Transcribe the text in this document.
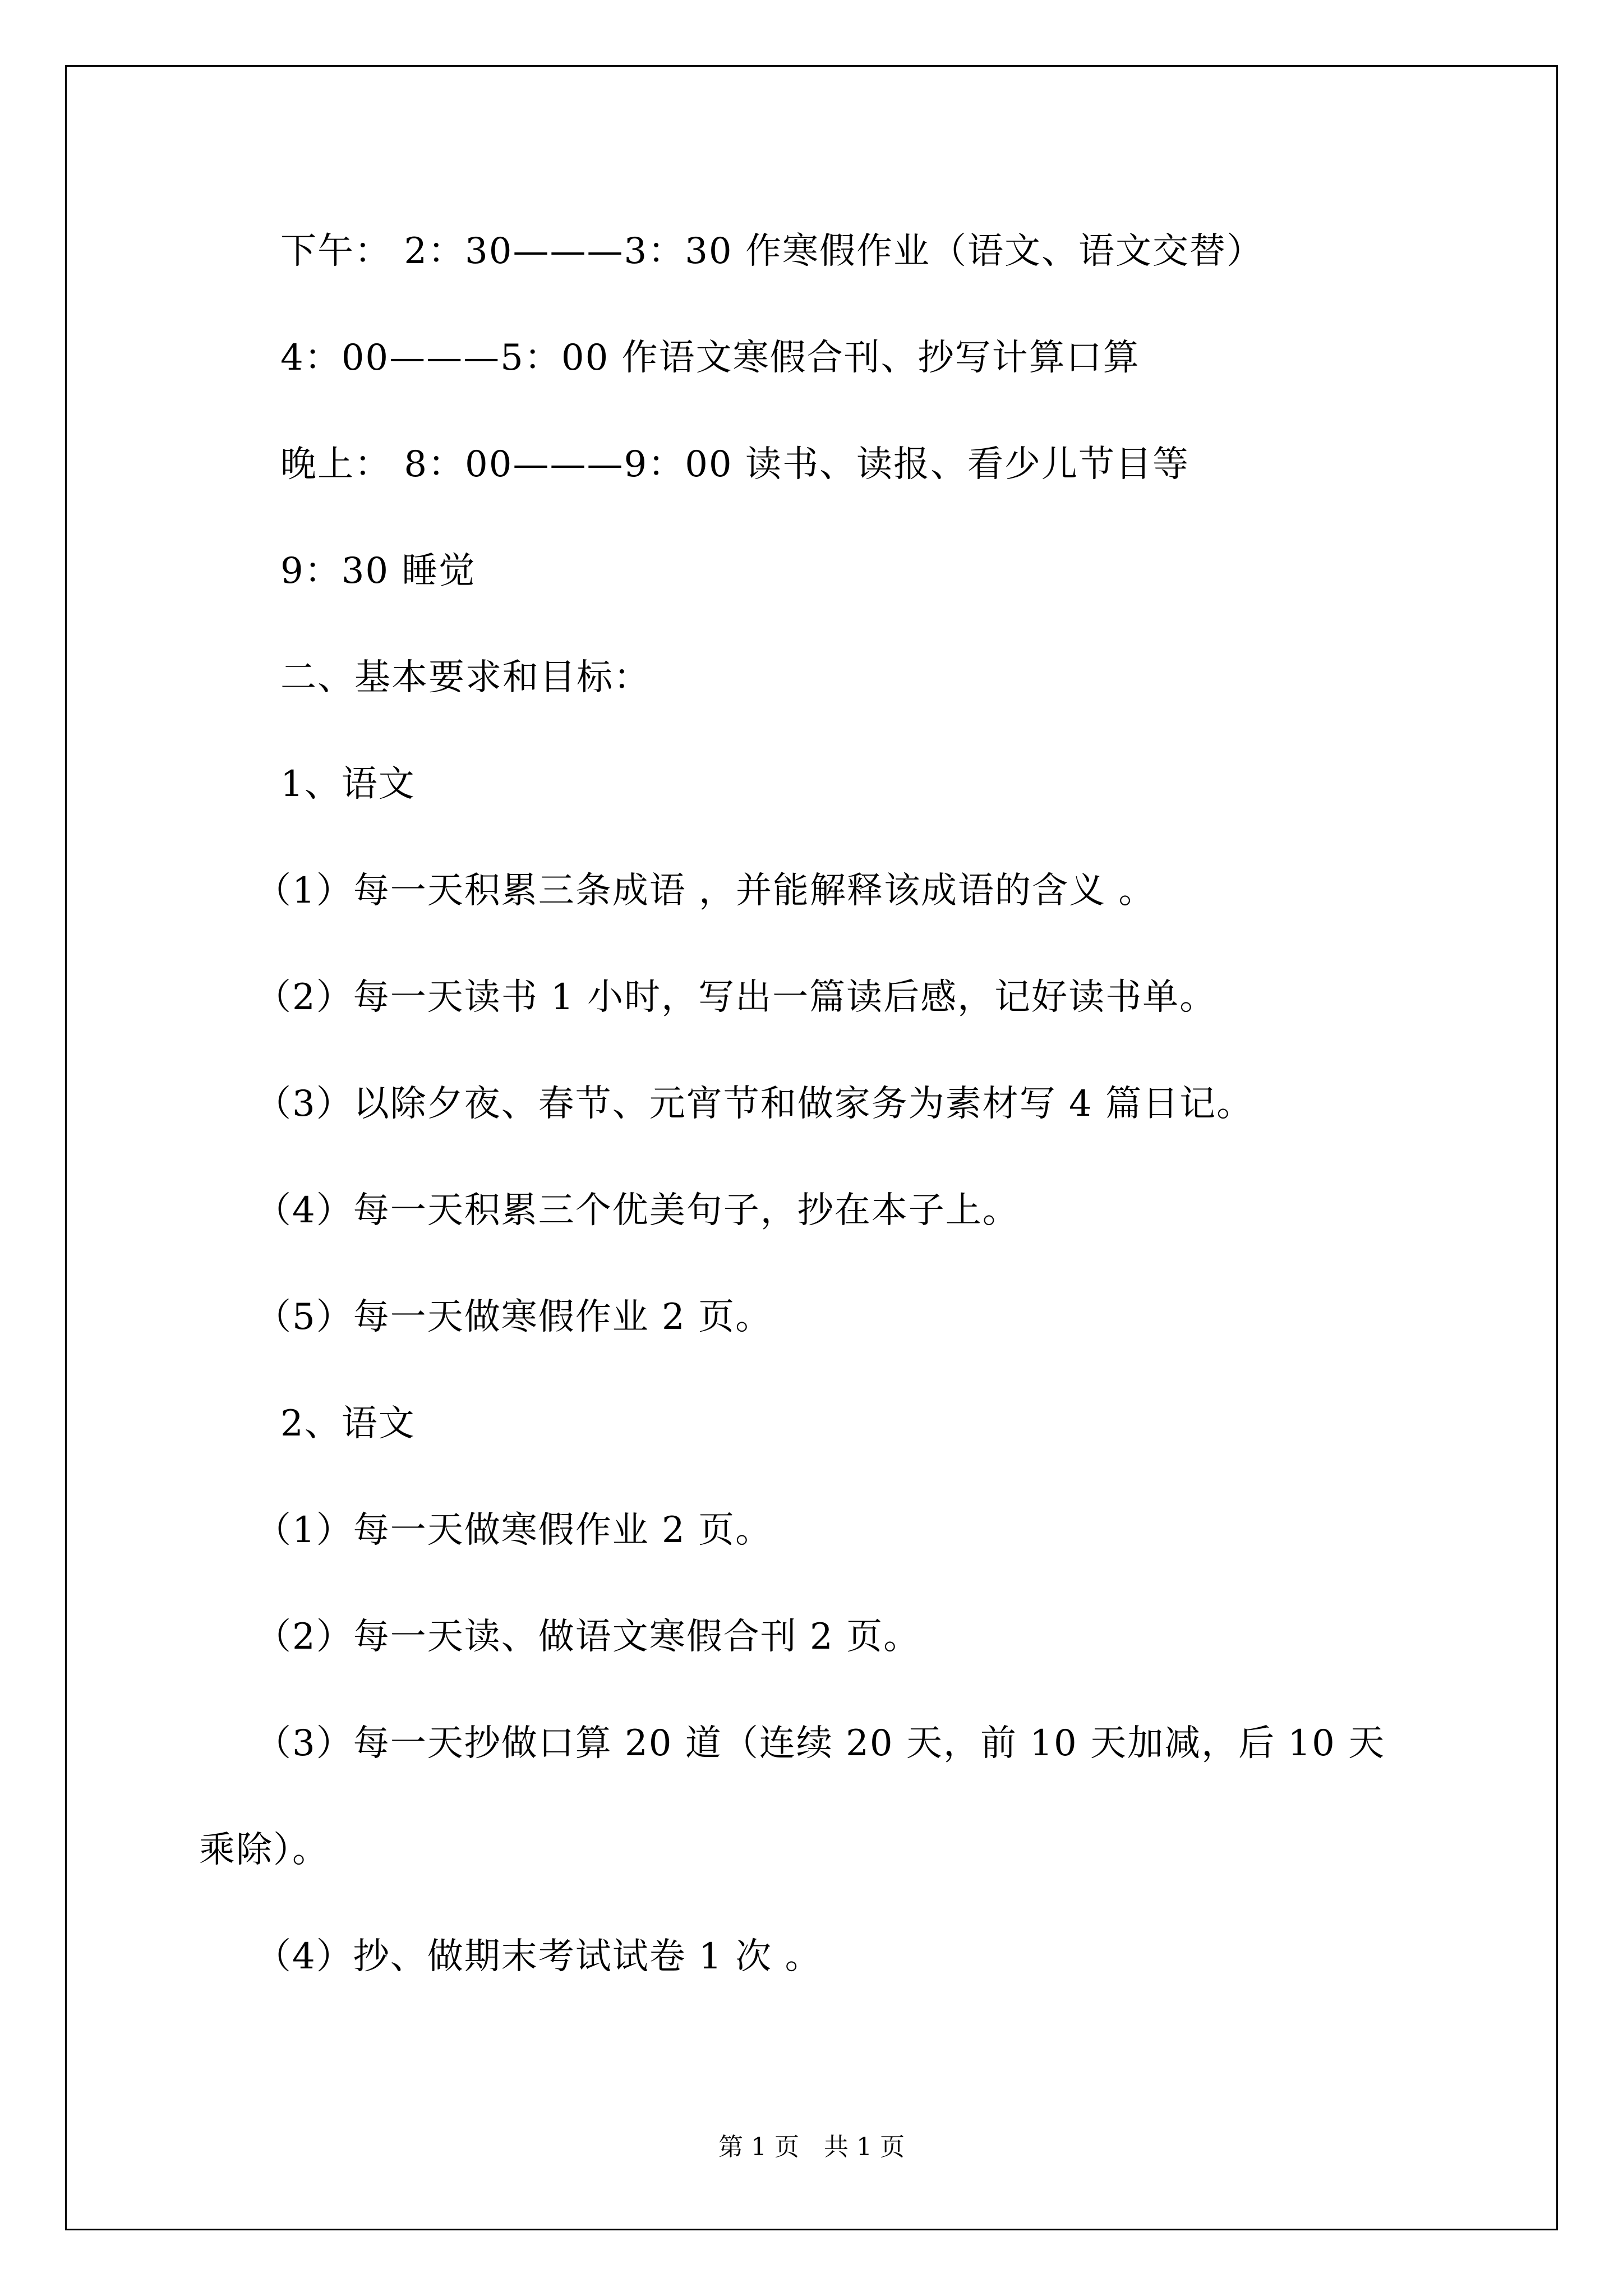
下午： 2：30———3：30 作寒假作业（语文、语文交替）
4：00———5：00 作语文寒假合刊、抄写计算口算
晚上： 8：00———9：00 读书、读报、看少儿节目等
9：30 睡觉
二、基本要求和目标：
1、语文
（1）每一天积累三条成语 ，并能解释该成语的含义 。
（2）每一天读书 1 小时，写出一篇读后感，记好读书单。
（3）以除夕夜、春节、元宵节和做家务为素材写 4 篇日记。
（4）每一天积累三个优美句子，抄在本子上。
（5）每一天做寒假作业 2 页。
2、语文
（1）每一天做寒假作业 2 页。
（2）每一天读、做语文寒假合刊 2 页。
（3）每一天抄做口算 20 道（连续 20 天，前 10 天加减，后 10 天
乘除）。
（4）抄、做期末考试试卷 1 次 。
第 1 页　共 1 页
